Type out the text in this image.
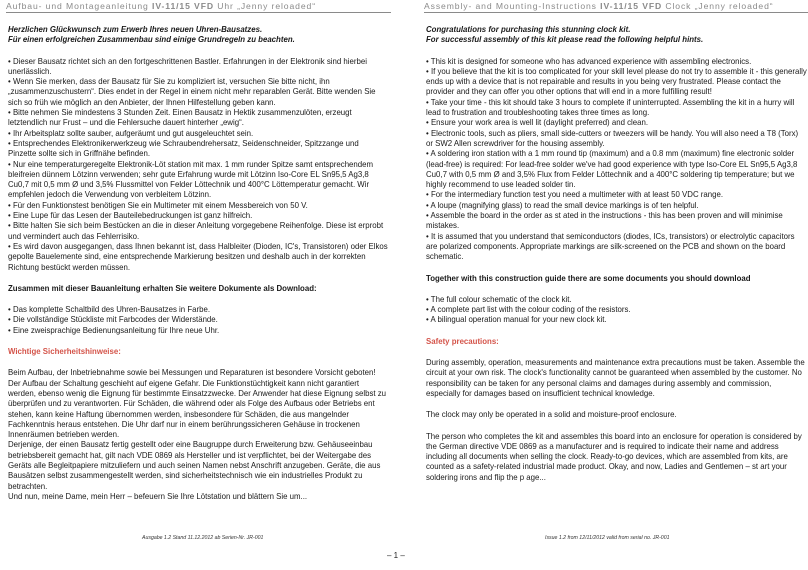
Aufbau- und Montageanleitung IV-11/15 VFD Uhr „Jenny reloaded“
Herzlichen Glückwunsch zum Erwerb Ihres neuen Uhren-Bausatzes.
Für einen erfolgreichen Zusammenbau sind einige Grundregeln zu beachten.
• Dieser Bausatz richtet sich an den fortgeschrittenen Bastler. Erfahrungen in der Elektronik sind hierbei unerlässlich.
• Wenn Sie merken, dass der Bausatz für Sie zu kompliziert ist, versuchen Sie bitte nicht, ihn „zusammenzuschustern“. Dies endet in der Regel in einem nicht mehr reparablen Gerät. Bitte wenden Sie sich so früh wie möglich an den Anbieter, der Ihnen Hilfestellung geben kann.
• Bitte nehmen Sie mindestens 3 Stunden Zeit. Einen Bausatz in Hektik zusammenzulöten, erzeugt letztendlich nur Frust – und die Fehlersuche dauert hinterher „ewig“.
• Ihr Arbeitsplatz sollte sauber, aufgeräumt und gut ausgeleuchtet sein.
• Entsprechendes Elektronikerwerkzeug wie Schraubendrehersatz, Seidenschneider, Spitzzange und Pinzette sollte sich in Griffnähe befinden.
• Nur eine temperaturgeregelte Elektronik-Löt station mit max. 1 mm runder Spitze samt entsprechendem bleifreien dünnem Lötzinn verwenden; sehr gute Erfahrung wurde mit Lötzinn Iso-Core EL Sn95,5 Ag3,8 Cu0,7 mit 0,5 mm Ø und 3,5% Flussmittel von Felder Löttechnik und 400°C Löttemperatur gemacht. Wir empfehlen jedoch die Verwendung von verbleitem Lötzinn.
• Für den Funktionstest benötigen Sie ein Multimeter mit einem Messbereich von 50 V.
• Eine Lupe für das Lesen der Bauteilebedruckungen ist ganz hilfreich.
• Bitte halten Sie sich beim Bestücken an die in dieser Anleitung vorgegebene Reihenfolge. Diese ist erprobt und vermindert auch das Fehlerrisiko.
• Es wird davon ausgegangen, dass Ihnen bekannt ist, dass Halbleiter (Dioden, IC's, Transistoren) oder Elkos gepolte Bauelemente sind, eine entsprechende Markierung besitzen und deshalb auch in der korrekten Richtung bestückt werden müssen.
Zusammen mit dieser Bauanleitung erhalten Sie weitere Dokumente als Download:
• Das komplette Schaltbild des Uhren-Bausatzes in Farbe.
• Die vollständige Stückliste mit Farbcodes der Widerstände.
• Eine zweisprachige Bedienungsanleitung für Ihre neue Uhr.
Wichtige Sicherheitshinweise:
Beim Aufbau, der Inbetriebnahme sowie bei Messungen und Reparaturen ist besondere Vorsicht geboten! Der Aufbau der Schaltung geschieht auf eigene Gefahr. Die Funktionstüchtigkeit kann nicht garantiert werden, ebenso wenig die Eignung für bestimmte Einsatzzwecke. Der Anwender hat diese Eignung selbst zu überprüfen und zu verantworten. Für Schäden, die während oder als Folge des Aufbaus oder Betriebs ent stehen, kann keine Haftung übernommen werden, insbesondere für Schäden, die aus mangelnder Fachkenntnis heraus entstehen. Die Uhr darf nur in einem berührungssicheren Gehäuse in trockenen Innenräumen betrieben werden.
Derjenige, der einen Bausatz fertig gestellt oder eine Baugruppe durch Erweiterung bzw. Gehäuseeinbau betriebsbereit gemacht hat, gilt nach VDE 0869 als Hersteller und ist verpflichtet, bei der Weitergabe des Geräts alle Begleitpapiere mitzuliefern und auch seinen Namen nebst Anschrift anzugeben. Geräte, die aus Bausätzen selbst zusammengestellt werden, sind sicherheitstechnisch wie ein industrielles Produkt zu betrachten.
Und nun, meine Dame, mein Herr – befeuern Sie Ihre Lötstation und blättern Sie um...
Assembly- and Mounting-Instructions IV-11/15 VFD Clock „Jenny reloaded“
Congratulations for purchasing this stunning clock kit.
For successful assembly of this kit please read the following helpful hints.
• This kit is designed for someone who has advanced experience with assembling electronics.
• If you believe that the kit is too complicated for your skill level please do not try to assemble it - this generally ends up with a device that is not repairable and results in you being very frustrated. Please contact the provider and they can offer you other options that will end in a more fulfilling result!
• Take your time - this kit should take 3 hours to complete if uninterrupted. Assembling the kit in a hurry will lead to frustration and troubleshooting takes three times as long.
• Ensure your work area is well lit (daylight preferred) and clean.
• Electronic tools, such as pliers, small side-cutters or tweezers will be handy. You will also need a T8 (Torx) or SW2 Allen screwdriver for the housing assembly.
• A soldering iron station with a 1 mm round tip (maximum) and a 0.8 mm (maximum) fine electronic solder (lead-free) is required: For lead-free solder we've had good experience with type Iso-Core EL Sn95,5 Ag3,8 Cu0,7 with 0,5 mm Ø and 3,5% Flux from Felder Löttechnik and a 400°C soldering tip temperature; but we highly recommend to use leaded solder tin.
• For the intermediary function test you need a multimeter with at least 50 VDC range.
• A loupe (magnifying glass) to read the small device markings is of ten helpful.
• Assemble the board in the order as st ated in the instructions - this has been proven and will minimise mistakes.
• It is assumed that you understand that semiconductors (diodes, ICs, transistors) or electrolytic capacitors are polarized components. Appropriate markings are silk-screened on the PCB and shown on the board schematic.
Together with this construction guide there are some documents you should download
• The full colour schematic of the clock kit.
• A complete part list with the colour coding of the resistors.
• A bilingual operation manual for your new clock kit.
Safety precautions:
During assembly, operation, measurements and maintenance extra precautions must be taken. Assemble the circuit at your own risk. The clock's functionality cannot be guaranteed when assembled by the customer. No responsibility can be taken for any personal claims and damages during assembly and commission, especially for damages based on insufficient technical knowledge.
The clock may only be operated in a solid and moisture-proof enclosure.
The person who completes the kit and assembles this board into an enclosure for operation is considered by the German directive VDE 0869 as a manufacturer and is required to indicate their name and address including all documents when selling the clock. Ready-to-go devices, which are assembled from kits, are counted as a safety-related industrial made product. Okay, and now, Ladies and Gentlemen – st art your soldering irons and flip the p age...
Ausgabe 1.2 Stand 11.12.2012 ab Serien-Nr. JR-001	Issue 1.2 from 12/11/2012 valid from serial no. JR-001
– 1 –
